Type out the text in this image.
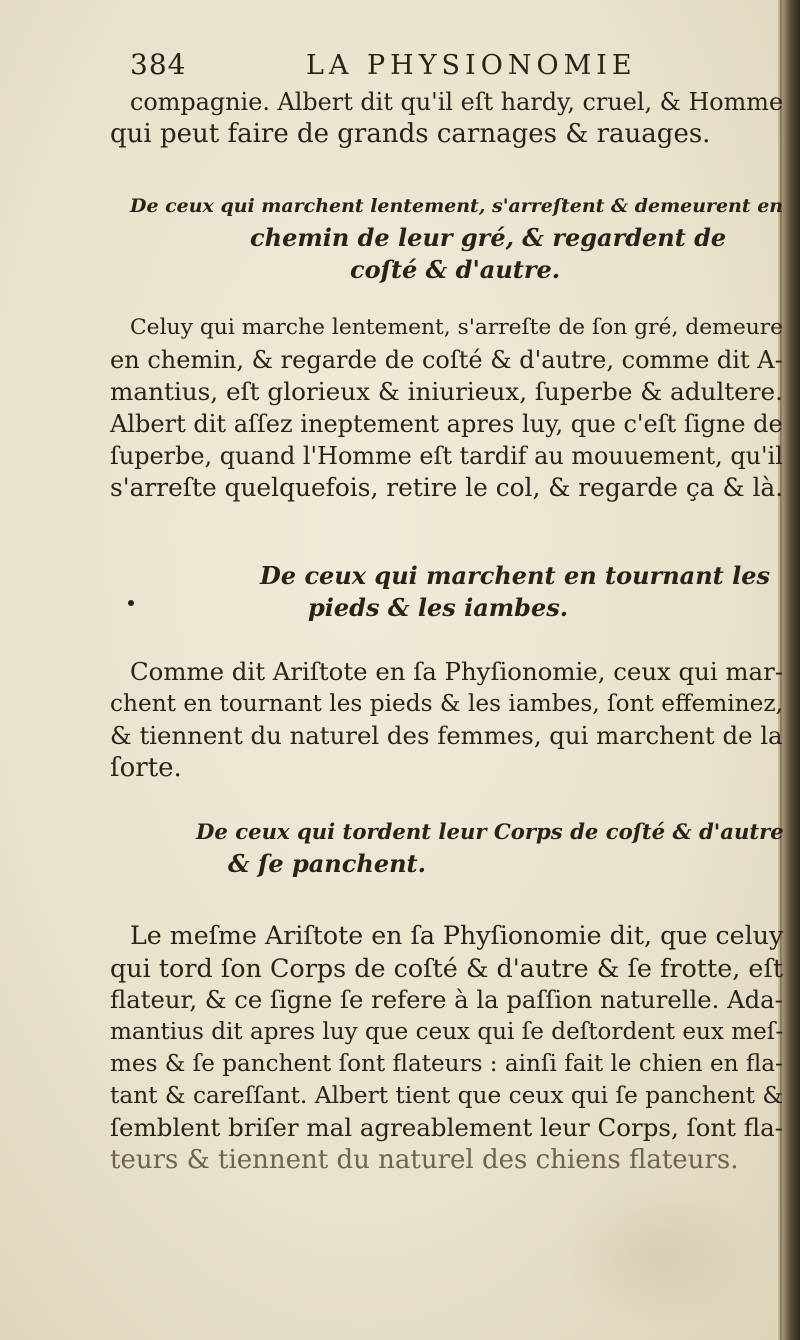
384	LA PHYSIONOMIE
compagnie. Albert dit qu'il eſt hardy, cruel, & Homme
qui peut faire de grands carnages & rauages.
De ceux qui marchent lentement, s'arreſtent & demeurent en
chemin de leur gré, & regardent de
coſté & d'autre.
Celuy qui marche lentement, s'arreſte de ſon gré, demeure
en chemin, & regarde de coſté & d'autre, comme dit A-
mantius, eſt glorieux & iniurieux, ſuperbe & adultere.
Albert dit aſſez ineptement apres luy, que c'eſt ſigne de
ſuperbe, quand l'Homme eſt tardif au mouuement, qu'il
s'arreſte quelquefois, retire le col, & regarde ça & là.
De ceux qui marchent en tournant les
pieds & les iambes.
Comme dit Ariſtote en ſa Phyſionomie, ceux qui mar-
chent en tournant les pieds & les iambes, ſont effeminez,
& tiennent du naturel des femmes, qui marchent de la
ſorte.
De ceux qui tordent leur Corps de coſté & d'autre
& ſe panchent.
Le meſme Ariſtote en ſa Phyſionomie dit, que celuy
qui tord ſon Corps de coſté & d'autre & ſe frotte, eſt
flateur, & ce ſigne ſe refere à la paſſion naturelle. Ada-
mantius dit apres luy que ceux qui ſe deſtordent eux meſ-
mes & ſe panchent ſont flateurs : ainſi fait le chien en fla-
tant & careſſant. Albert tient que ceux qui ſe panchent &
ſemblent briſer mal agreablement leur Corps, ſont fla-
teurs & tiennent du naturel des chiens flateurs.
